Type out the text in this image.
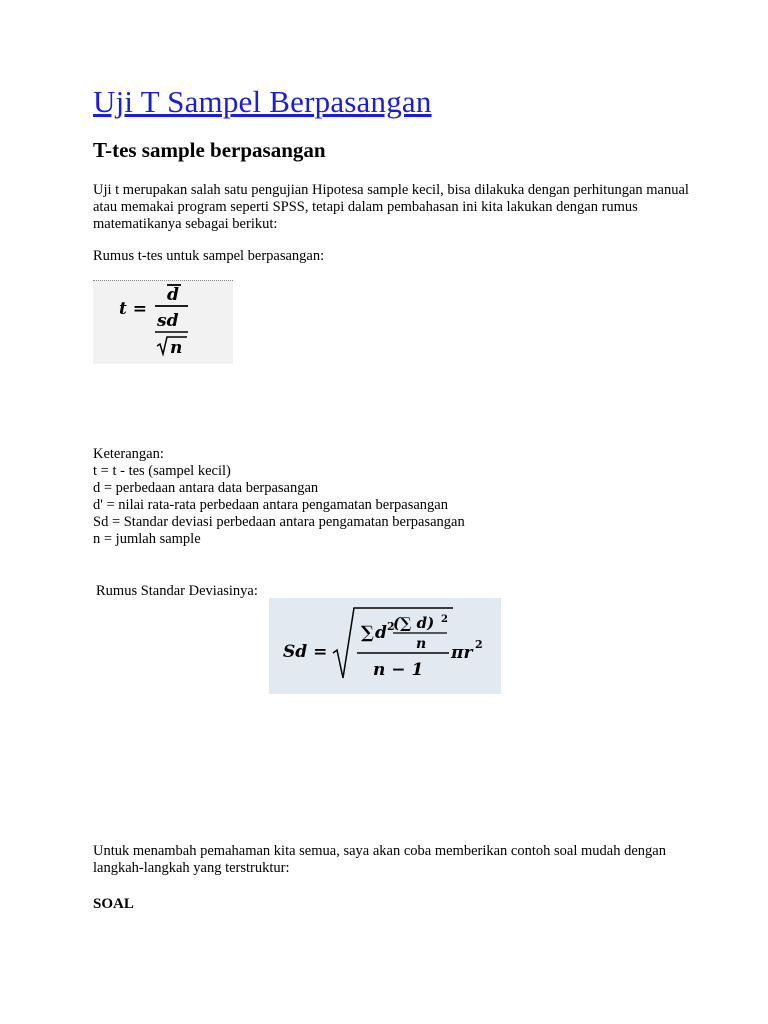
Uji T Sampel Berpasangan
T-tes sample berpasangan

Uji t merupakan salah satu pengujian Hipotesa sample kecil, bisa dilakuka dengan perhitungan manual atau memakai program seperti SPSS, tetapi dalam pembahasan ini kita lakukan dengan rumus matematikanya sebagai berikut:

Rumus t-tes untuk sampel berpasangan:

t =
d
sd
n
Keterangan:
t = t - tes (sampel kecil)
d = perbedaan antara data berpasangan
d' = nilai rata-rata perbedaan antara pengamatan berpasangan
Sd = Standar deviasi perbedaan antara pengamatan berpasangan
n = jumlah sample

Rumus Standar Deviasinya:

Sd =
∑ d 2
(∑ d) 2
n
n − 1
πr 2

Untuk menambah pemahaman kita semua, saya akan coba memberikan contoh soal mudah dengan langkah-langkah yang terstruktur:

SOAL
